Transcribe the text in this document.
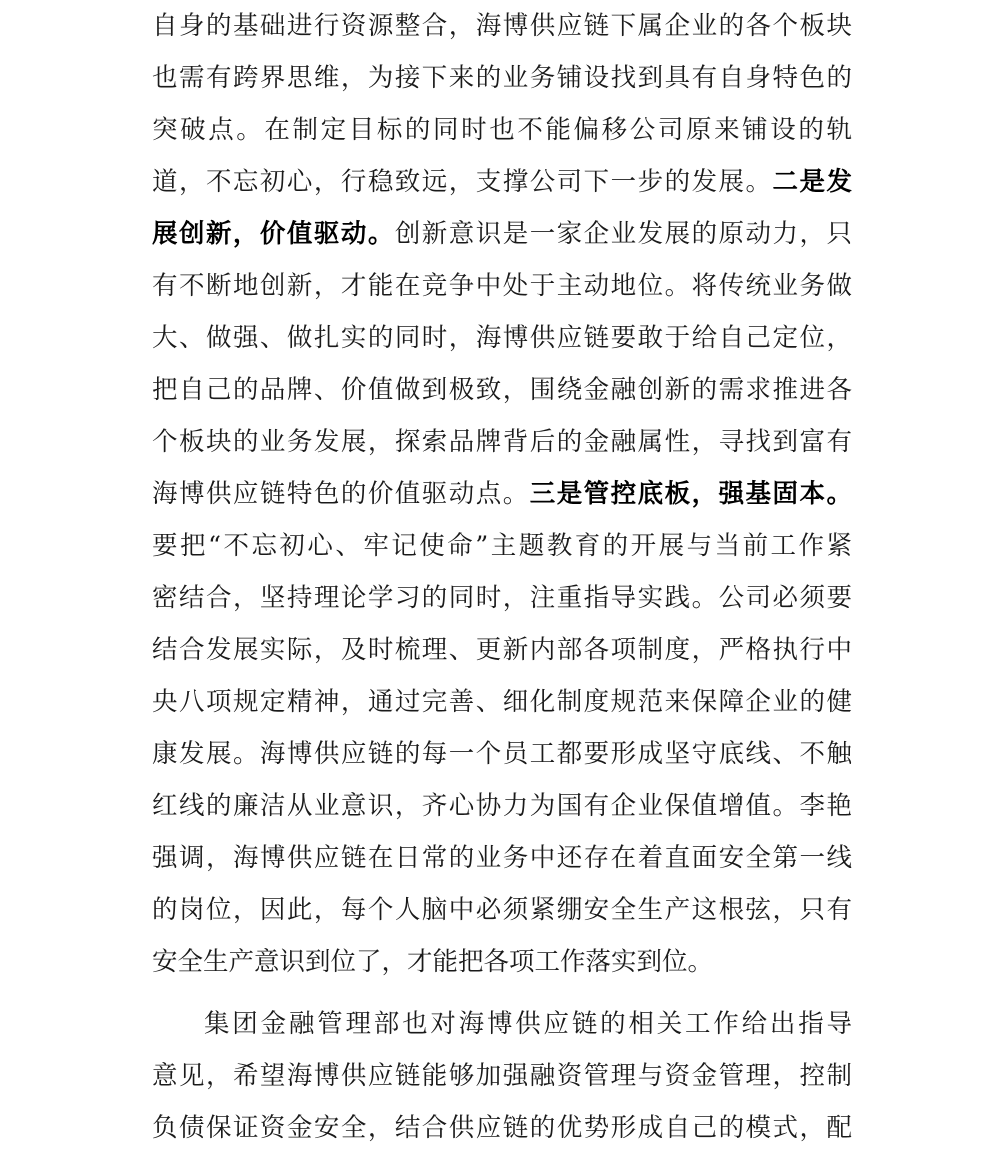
自身的基础进行资源整合，海博供应链下属企业的各个板块
也需有跨界思维，为接下来的业务铺设找到具有自身特色的
突破点。在制定目标的同时也不能偏移公司原来铺设的轨
道，不忘初心，行稳致远，支撑公司下一步的发展。二是发
展创新，价值驱动。创新意识是一家企业发展的原动力，只
有不断地创新，才能在竞争中处于主动地位。将传统业务做
大、做强、做扎实的同时，海博供应链要敢于给自己定位，
把自己的品牌、价值做到极致，围绕金融创新的需求推进各
个板块的业务发展，探索品牌背后的金融属性，寻找到富有
海博供应链特色的价值驱动点。三是管控底板，强基固本。
要把“不忘初心、牢记使命”主题教育的开展与当前工作紧
密结合，坚持理论学习的同时，注重指导实践。公司必须要
结合发展实际，及时梳理、更新内部各项制度，严格执行中
央八项规定精神，通过完善、细化制度规范来保障企业的健
康发展。海博供应链的每一个员工都要形成坚守底线、不触
红线的廉洁从业意识，齐心协力为国有企业保值增值。李艳
强调，海博供应链在日常的业务中还存在着直面安全第一线
的岗位，因此，每个人脑中必须紧绷安全生产这根弦，只有
安全生产意识到位了，才能把各项工作落实到位。
集团金融管理部也对海博供应链的相关工作给出指导
意见，希望海博供应链能够加强融资管理与资金管理，控制
负债保证资金安全，结合供应链的优势形成自己的模式，配
